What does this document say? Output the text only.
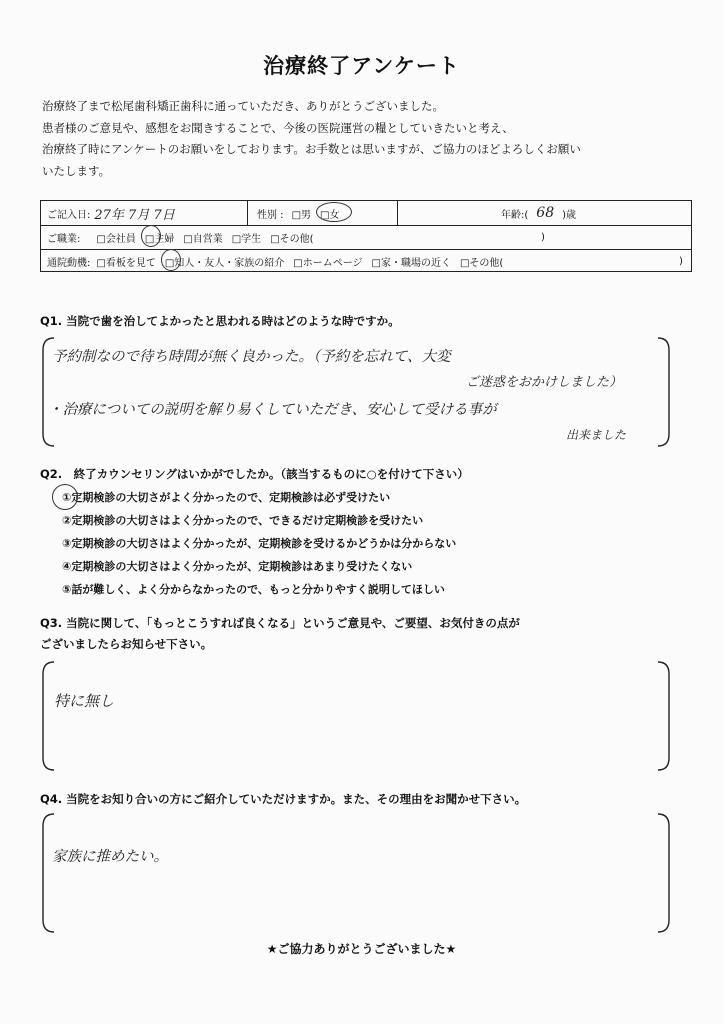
治療終了アンケート
治療終了まで松尾歯科矯正歯科に通っていただき、ありがとうございました。
患者様のご意見や、感想をお聞きすることで、今後の医院運営の糧としていきたいと考え、
治療終了時にアンケートのお願いをしております。お手数とは思いますが、ご協力のほどよろしくお願い
いたします。
ご記入日: 27年 7月 7日	性別 : □男 □女	年齢:( 68 )歳
ご職業: □会社員 □主婦 □自営業 □学生 □その他(	)
通院動機: □看板を見て □知人・友人・家族の紹介 □ホームページ □家・職場の近く □その他(	)
Q1. 当院で歯を治してよかったと思われる時はどのような時ですか。
予約制なので待ち時間が無く良かった。（予約を忘れて、大変
ご迷惑をおかけしました）
・治療についての説明を解り易くしていただき、安心して受ける事が
出来ました
Q2.　終了カウンセリングはいかがでしたか。（該当するものに○を付けて下さい）
①定期検診の大切さがよく分かったので、定期検診は必ず受けたい
②定期検診の大切さはよく分かったので、できるだけ定期検診を受けたい
③定期検診の大切さはよく分かったが、定期検診を受けるかどうかは分からない
④定期検診の大切さはよく分かったが、定期検診はあまり受けたくない
⑤話が難しく、よく分からなかったので、もっと分かりやすく説明してほしい
Q3. 当院に関して、「もっとこうすれば良くなる」というご意見や、ご要望、お気付きの点が
ございましたらお知らせ下さい。
特に無し
Q4. 当院をお知り合いの方にご紹介していただけますか。また、その理由をお聞かせ下さい。
家族に推めたい。
★ご協力ありがとうございました★
